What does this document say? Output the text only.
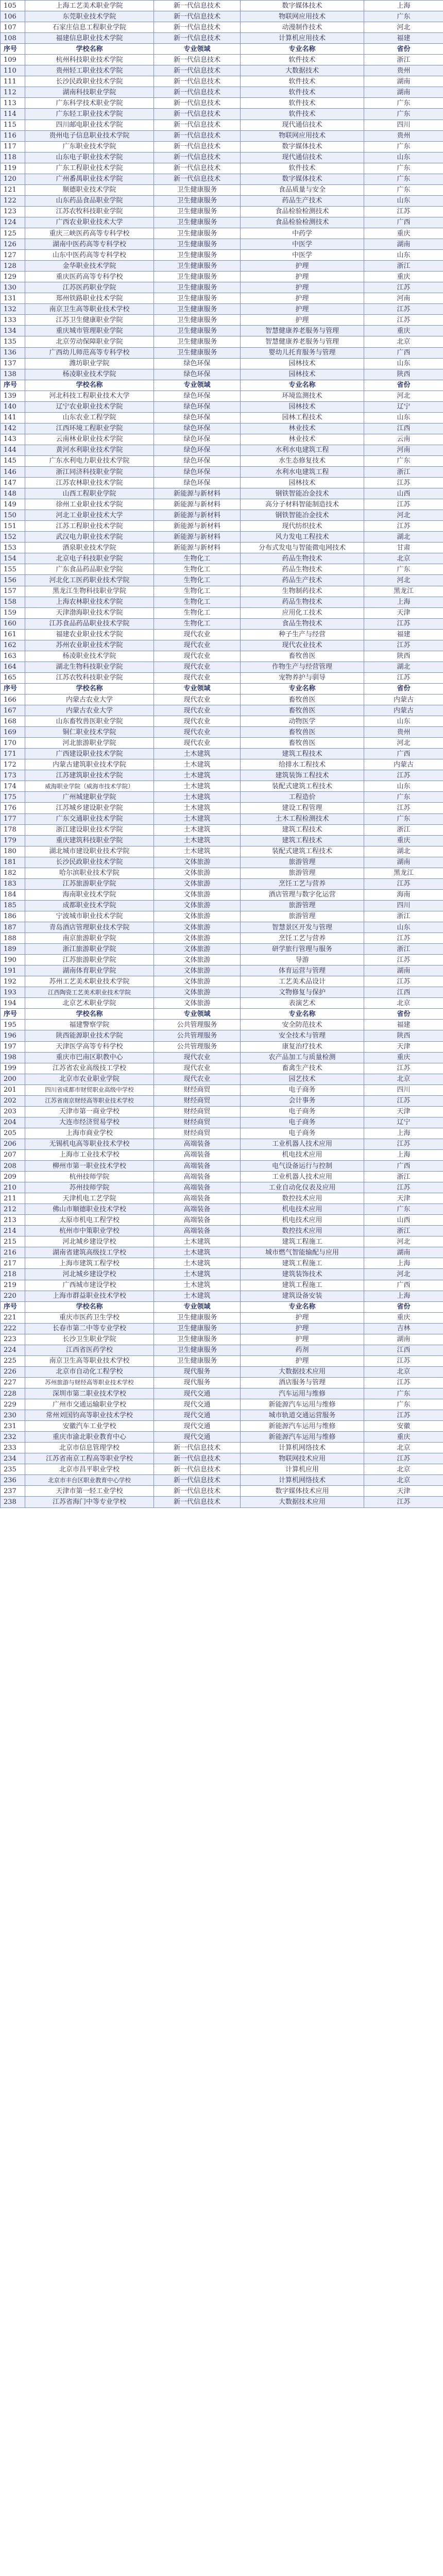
105	上海工艺美术职业学院	新一代信息技术	数字媒体技术	上海
106	东莞职业技术学院	新一代信息技术	物联网应用技术	广东
107	石家庄信息工程职业学院	新一代信息技术	动漫制作技术	河北
108	福建信息职业技术学院	新一代信息技术	计算机应用技术	福建
序号	学校名称	专业领域	专业名称	省份
109	杭州科技职业技术学院	新一代信息技术	软件技术	浙江
110	贵州轻工职业技术学院	新一代信息技术	大数据技术	贵州
111	长沙民政职业技术学院	新一代信息技术	软件技术	湖南
112	湖南科技职业学院	新一代信息技术	软件技术	湖南
113	广东科学技术职业学院	新一代信息技术	软件技术	广东
114	广东轻工职业技术学院	新一代信息技术	软件技术	广东
115	四川邮电职业技术学院	新一代信息技术	现代通信技术	四川
116	贵州电子信息职业技术学院	新一代信息技术	物联网应用技术	贵州
117	广东职业技术学院	新一代信息技术	数字媒体技术	广东
118	山东电子职业技术学院	新一代信息技术	现代通信技术	山东
119	广东工程职业技术学院	新一代信息技术	软件技术	广东
120	广州番禺职业技术学院	新一代信息技术	数字媒体技术	广东
121	顺德职业技术学院	卫生健康服务	食品质量与安全	广东
122	山东药品食品职业学院	卫生健康服务	药品生产技术	山东
123	江苏农牧科技职业学院	卫生健康服务	食品检验检测技术	江苏
124	广西农业职业技术大学	卫生健康服务	食品检验检测技术	广西
125	重庆三峡医药高等专科学校	卫生健康服务	中药学	重庆
126	湖南中医药高等专科学校	卫生健康服务	中医学	湖南
127	山东中医药高等专科学校	卫生健康服务	中医学	山东
128	金华职业技术学院	卫生健康服务	护理	浙江
129	重庆医药高等专科学校	卫生健康服务	护理	重庆
130	江苏医药职业学院	卫生健康服务	护理	江苏
131	郑州铁路职业技术学院	卫生健康服务	护理	河南
132	南京卫生高等职业技术学校	卫生健康服务	护理	江苏
133	江苏卫生健康职业学院	卫生健康服务	护理	江苏
134	重庆城市管理职业学院	卫生健康服务	智慧健康养老服务与管理	重庆
135	北京劳动保障职业学院	卫生健康服务	智慧健康养老服务与管理	北京
136	广西幼儿师范高等专科学校	卫生健康服务	婴幼儿托育服务与管理	广西
137	潍坊职业学院	绿色环保	园林技术	山东
138	杨凌职业技术学院	绿色环保	园林技术	陕西
序号	学校名称	专业领域	专业名称	省份
139	河北科技工程职业技术大学	绿色环保	环境监测技术	河北
140	辽宁农业职业技术学院	绿色环保	园林技术	辽宁
141	山东农业工程学院	绿色环保	园林工程技术	山东
142	江西环境工程职业学院	绿色环保	林业技术	江西
143	云南林业职业技术学院	绿色环保	林业技术	云南
144	黄河水利职业技术学院	绿色环保	水利水电建筑工程	河南
145	广东水利电力职业技术学院	绿色环保	水生态修复技术	广东
146	浙江同济科技职业学院	绿色环保	水利水电建筑工程	浙江
147	江苏农林职业技术学院	绿色环保	园林技术	江苏
148	山西工程职业学院	新能源与新材料	钢铁智能冶金技术	山西
149	徐州工业职业技术学院	新能源与新材料	高分子材料智能制造技术	江苏
150	河北工业职业技术大学	新能源与新材料	钢铁智能冶金技术	河北
151	江苏工程职业技术学院	新能源与新材料	现代纺织技术	江苏
152	武汉电力职业技术学院	新能源与新材料	风力发电工程技术	湖北
153	酒泉职业技术学院	新能源与新材料	分布式发电与智能微电网技术	甘肃
154	北京电子科技职业学院	生物化工	药品生物技术	北京
155	广东食品药品职业学院	生物化工	药品生物技术	广东
156	河北化工医药职业技术学院	生物化工	药品生产技术	河北
157	黑龙江生物科技职业学院	生物化工	生物制药技术	黑龙江
158	上海农林职业技术学院	生物化工	药品生物技术	上海
159	天津渤海职业技术学院	生物化工	应用化工技术	天津
160	江苏食品药品职业技术学院	生物化工	食品生物技术	江苏
161	福建农业职业技术学院	现代农业	种子生产与经营	福建
162	苏州农业职业技术学院	现代农业	现代农业技术	江苏
163	杨凌职业技术学院	现代农业	畜牧兽医	陕西
164	湖北生物科技职业学院	现代农业	作物生产与经营管理	湖北
165	江苏农牧科技职业学院	现代农业	宠物养护与驯导	江苏
序号	学校名称	专业领域	专业名称	省份
166	内蒙古农业大学	现代农业	畜牧兽医	内蒙古
167	内蒙古农业大学	现代农业	畜牧兽医	内蒙古
168	山东畜牧兽医职业学院	现代农业	动物医学	山东
169	铜仁职业技术学院	现代农业	畜牧兽医	贵州
170	河北旅游职业学院	现代农业	畜牧兽医	河北
171	广西建设职业技术学院	土木建筑	建筑工程技术	广西
172	内蒙古建筑职业技术学院	土木建筑	给排水工程技术	内蒙古
173	江苏建筑职业技术学院	土木建筑	建筑装饰工程技术	江苏
174	威海职业学院（威海市技术学院）	土木建筑	装配式建筑工程技术	山东
175	广州城建职业学院	土木建筑	工程造价	广东
176	江苏城乡建设职业学院	土木建筑	建设工程管理	江苏
177	广东交通职业技术学院	土木建筑	土木工程检测技术	广东
178	浙江建设职业技术学院	土木建筑	建筑工程技术	浙江
179	重庆建筑科技职业学院	土木建筑	建筑工程技术	重庆
180	湖北城市建设职业技术学院	土木建筑	装配式建筑工程技术	湖北
181	长沙民政职业技术学院	文体旅游	旅游管理	湖南
182	哈尔滨职业技术学院	文体旅游	旅游管理	黑龙江
183	江苏旅游职业学院	文体旅游	烹饪工艺与营养	江苏
184	海南职业技术学院	文体旅游	酒店管理与数字化运营	海南
185	成都职业技术学院	文体旅游	旅游管理	四川
186	宁波城市职业技术学院	文体旅游	旅游管理	浙江
187	青岛酒店管理职业技术学院	文体旅游	智慧景区开发与管理	山东
188	南京旅游职业学院	文体旅游	烹饪工艺与营养	江苏
189	浙江旅游职业学院	文体旅游	研学旅行管理与服务	浙江
190	江苏旅游职业学院	文体旅游	导游	江苏
191	湖南体育职业学院	文体旅游	体育运营与管理	湖南
192	苏州工艺美术职业技术学院	文体旅游	工艺美术品设计	江苏
193	江西陶瓷工艺美术职业技术学院	文体旅游	文物修复与保护	江西
194	北京艺术职业学院	文体旅游	表演艺术	北京
序号	学校名称	专业领域	专业名称	省份
195	福建警察学院	公共管理服务	安全防范技术	福建
196	陕西能源职业技术学院	公共管理服务	安全技术与管理	陕西
197	天津医学高等专科学校	公共管理服务	康复治疗技术	天津
198	重庆市巴南区职教中心	现代农业	农产品加工与质量检测	重庆
199	江苏省农业高级技工学校	现代农业	畜禽生产技术	江苏
200	北京市农业职业学院	现代农业	园艺技术	北京
201	四川省成都市财贸职业高级中学校	财经商贸	电子商务	四川
202	江苏省南京财经高等职业技术学校	财经商贸	会计事务	江苏
203	天津市第一商业学校	财经商贸	电子商务	天津
204	大连市经济贸易学校	财经商贸	电子商务	辽宁
205	上海市商业学校	财经商贸	电子商务	上海
206	无锡机电高等职业技术学校	高端装备	工业机器人技术应用	江苏
207	上海市工业技术学校	高端装备	机电技术应用	上海
208	柳州市第一职业技术学校	高端装备	电气设备运行与控制	广西
209	杭州技师学院	高端装备	工业机器人技术应用	浙江
210	苏州技师学院	高端装备	工业自动化仪表及应用	江苏
211	天津机电工艺学院	高端装备	数控技术应用	天津
212	佛山市顺德职业技术学校	高端装备	机电技术应用	广东
213	太原市机电工程学校	高端装备	机电技术应用	山西
214	杭州市中策职业学校	高端装备	数控技术应用	浙江
215	河北城乡建设学校	土木建筑	建筑工程施工	河北
216	湖南省建筑高级技工学校	土木建筑	城市燃气智能输配与应用	湖南
217	上海市建筑工程学校	土木建筑	建筑工程施工	上海
218	河北城乡建设学校	土木建筑	建筑装饰技术	河北
219	广西城市建设学校	土木建筑	建筑工程施工	广西
220	上海市群益职业技术学校	土木建筑	建筑设备安装	上海
序号	学校名称	专业领域	专业名称	省份
221	重庆市医药卫生学校	卫生健康服务	护理	重庆
222	长春市第二中等专业学校	卫生健康服务	护理	吉林
223	长沙卫生职业学院	卫生健康服务	护理	湖南
224	江西省医药学校	卫生健康服务	药剂	江西
225	南京卫生高等职业技术学校	卫生健康服务	护理	江苏
226	北京市自动化工程学校	现代服务	大数据技术应用	北京
227	苏州旅游与财经高等职业技术学校	现代服务	酒店服务与管理	江苏
228	深圳市第二职业技术学校	现代交通	汽车运用与维修	广东
229	广州市交通运输职业学校	现代交通	新能源汽车运用与维修	广东
230	常州刘国钧高等职业技术学校	现代交通	城市轨道交通运营服务	江苏
231	安徽汽车工业学校	现代交通	新能源汽车运用与维修	安徽
232	重庆市渝北职业教育中心	现代交通	新能源汽车运用与维修	重庆
233	北京市信息管理学校	新一代信息技术	计算机网络技术	北京
234	江苏省南京工程高等职业学校	新一代信息技术	物联网技术应用	江苏
235	北京市昌平职业学校	新一代信息技术	计算机应用	北京
236	北京市丰台区职业教育中心学校	新一代信息技术	计算机网络技术	北京
237	天津市第一轻工业学校	新一代信息技术	数字媒体技术应用	天津
238	江苏省海门中等专业学校	新一代信息技术	大数据技术应用	江苏
